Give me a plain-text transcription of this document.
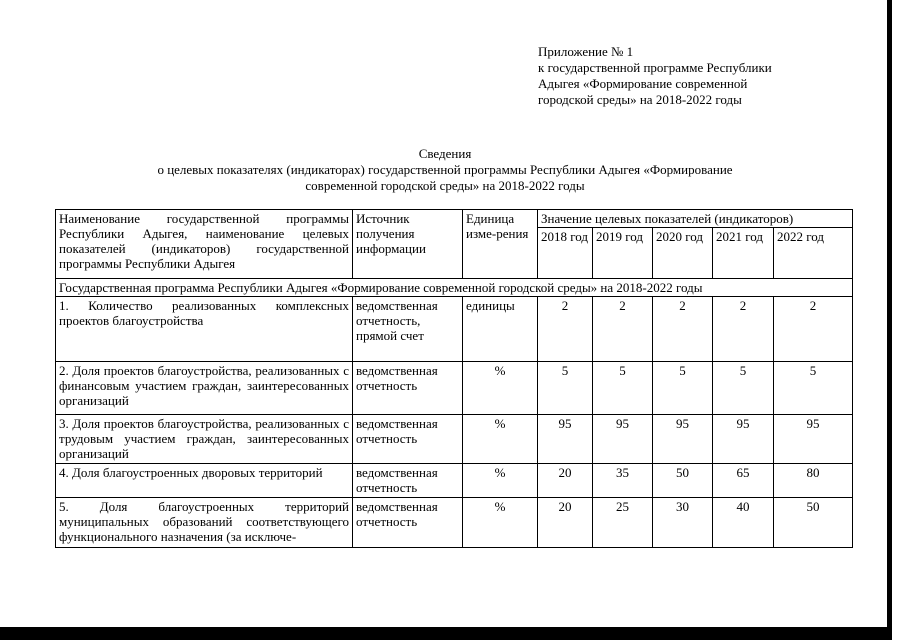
Приложение № 1
к государственной программе Республики
Адыгея «Формирование современной
городской среды» на 2018-2022 годы
Сведения
о целевых показателях (индикаторах) государственной программы Республики Адыгея «Формирование
современной городской среды» на 2018-2022 годы
Наименование государственной программы Республики Адыгея, наименование целевых показателей (индикаторов) государственной программы Республики Адыгея	Источник получения информации	Единица изме-рения	Значение целевых показателей (индикаторов)				
			2018 год	2019 год	2020 год	2021 год	2022 год
Государственная программа Республики Адыгея «Формирование современной городской среды» на 2018-2022 годы							
1. Количество реализованных комплексных проектов благоустройства	ведомственная отчетность, прямой счет	единицы	2	2	2	2	2
2. Доля проектов благоустройства, реализованных с финансовым участием граждан, заинтересованных организаций	ведомственная отчетность	%	5	5	5	5	5
3. Доля проектов благоустройства, реализованных с трудовым участием граждан, заинтересованных организаций	ведомственная отчетность	%	95	95	95	95	95
4. Доля благоустроенных дворовых территорий	ведомственная отчетность	%	20	35	50	65	80
5. Доля благоустроенных территорий муниципальных образований соответствующего функционального назначения (за исключе-	ведомственная отчетность	%	20	25	30	40	50
